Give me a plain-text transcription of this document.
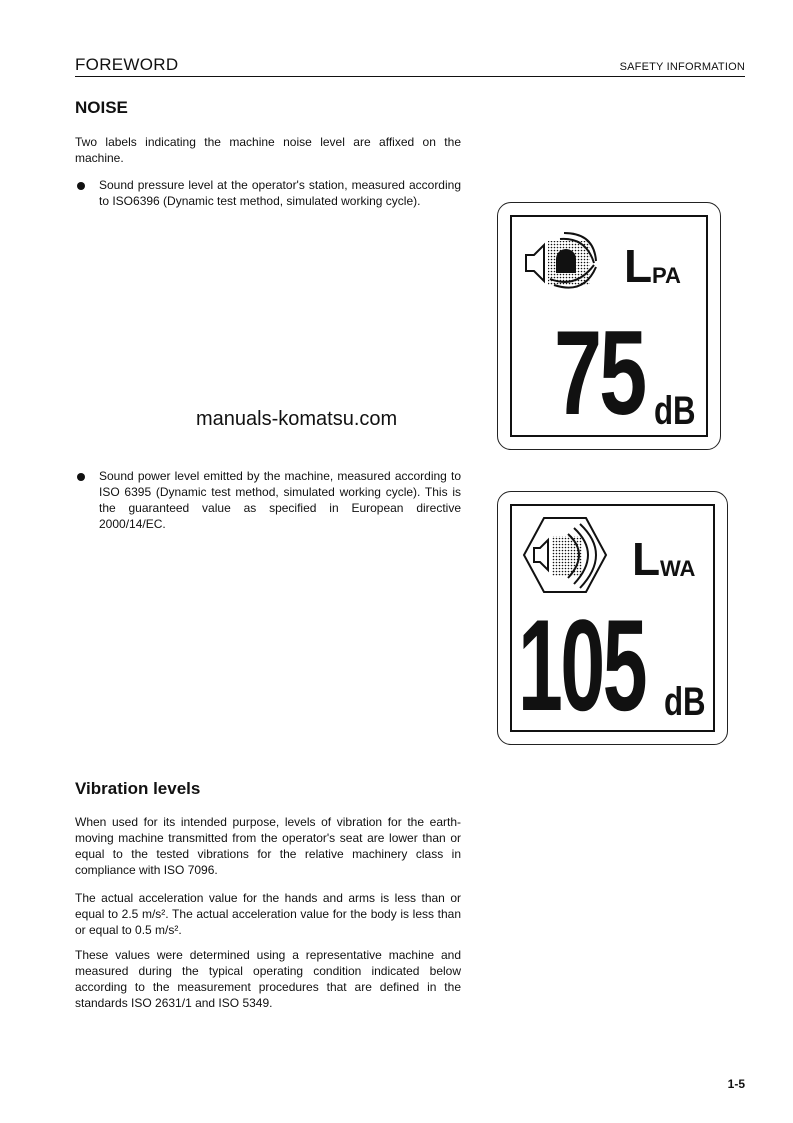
FOREWORD	SAFETY INFORMATION
NOISE
Two labels indicating the machine noise level are affixed on the machine.
Sound pressure level at the operator's station, measured according to ISO6396 (Dynamic test method, simulated working cycle).
manuals-komatsu.com
Sound power level emitted by the machine, measured according to ISO 6395 (Dynamic test method, simulated working cycle). This is the guaranteed value as specified in European directive 2000/14/EC.
L PA
75 dB
L WA
105 dB
Vibration levels
When used for its intended purpose, levels of vibration for the earth-moving machine transmitted from the operator's seat are lower than or equal to the tested vibrations for the relative machinery class in compliance with ISO 7096.
The actual acceleration value for the hands and arms is less than or equal to 2.5 m/s². The actual acceleration value for the body is less than or equal to 0.5 m/s².
These values were determined using a representative machine and measured during the typical operating condition indicated below according to the measurement procedures that are defined in the standards ISO 2631/1 and ISO 5349.
1-5
